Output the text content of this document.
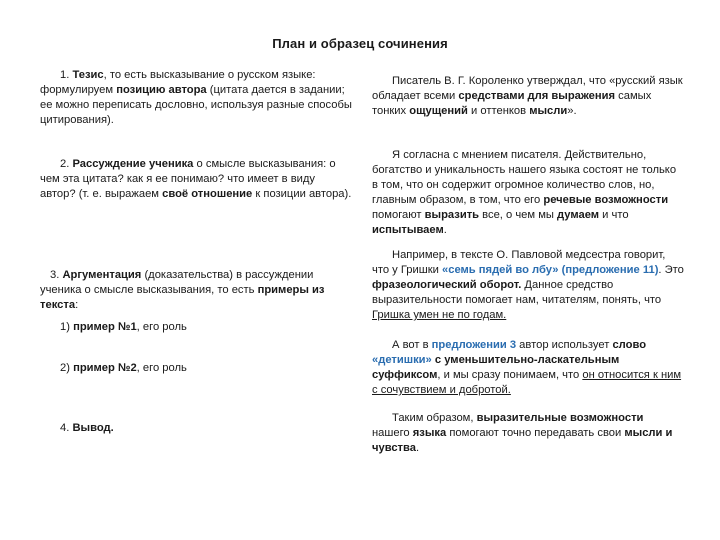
План и образец сочинения
1. Тезис, то есть высказывание о русском языке: формулируем позицию автора (цитата дается в задании; ее можно переписать дословно, используя разные способы цитирования).
2. Рассуждение ученика о смысле высказывания: о чем эта цитата? как я ее понимаю? что имеет в виду автор? (т. е. выражаем своё отношение к позиции автора).
3. Аргументация (доказательства) в рассуждении ученика о смысле высказывания, то есть примеры из текста:
1) пример №1, его роль
2) пример №2, его роль
4. Вывод.
Писатель В. Г. Короленко утверждал, что «русский язык обладает всеми средствами для выражения самых тонких ощущений и оттенков мысли».
Я согласна с мнением писателя. Действительно, богатство и уникальность нашего языка состоят не только в том, что он содержит огромное количество слов, но, главным образом, в том, что его речевые возможности помогают выразить все, о чем мы думаем и что испытываем.
Например, в тексте О. Павловой медсестра говорит, что у Гришки «семь пядей во лбу» (предложение 11). Это фразеологический оборот. Данное средство выразительности помогает нам, читателям, понять, что Гришка умен не по годам.
А вот в предложении 3 автор использует слово «детишки» с уменьшительно-ласкательным суффиксом, и мы сразу понимаем, что он относится к ним с сочувствием и добротой.
Таким образом, выразительные возможности нашего языка помогают точно передавать свои мысли и чувства.
